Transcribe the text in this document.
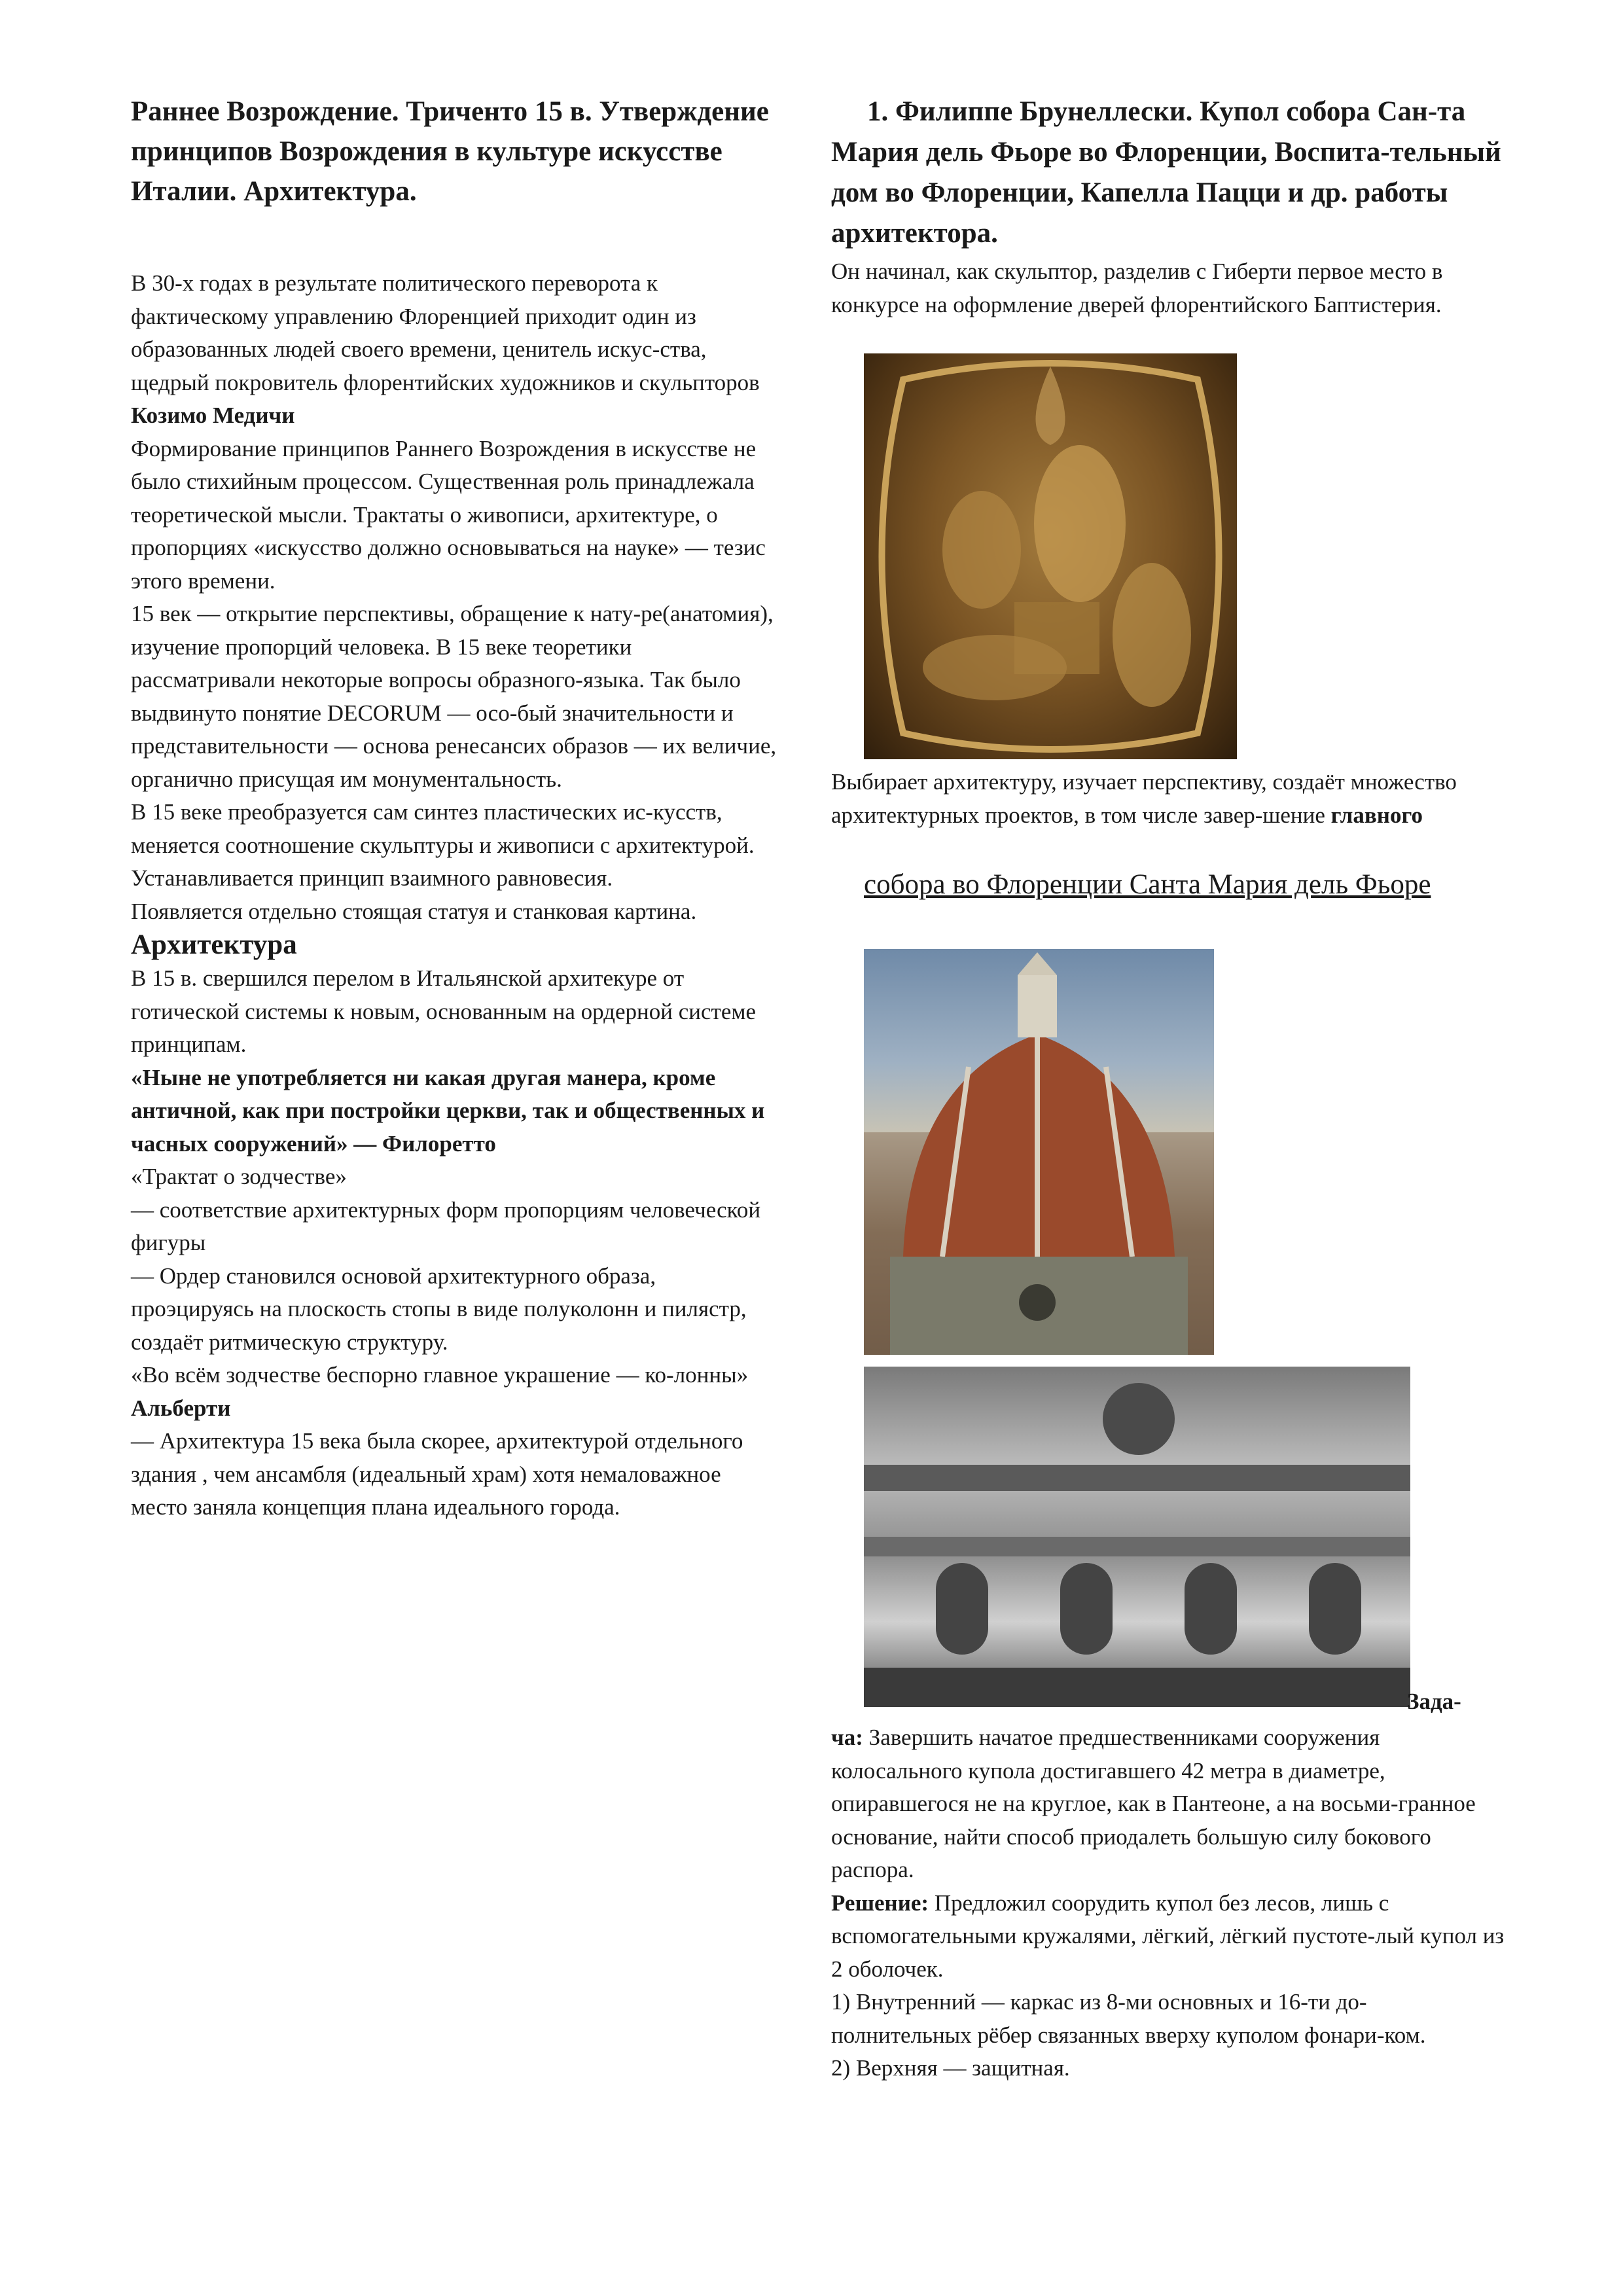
Раннее Возрождение. Триченто 15 в. Утверждение принципов Возрождения в культуре искусстве Италии. Архитектура.

В 30-х годах в результате политического переворота к фактическому управлению Флоренцией приходит один из образованных людей своего времени, ценитель искус-ства, щедрый покровитель флорентийских художников и скульпторов Козимо Медичи

Формирование принципов Раннего Возрождения в искусстве не было стихийным процессом. Существенная роль принадлежала теоретической мысли. Трактаты о живописи, архитектуре, о пропорциях «искусство должно основываться на науке» — тезис этого времени.

15 век — открытие перспективы, обращение к нату-ре(анатомия), изучение пропорций человека. В 15 веке теоретики рассматривали некоторые вопросы образного-языка. Так было выдвинуто понятие DECORUM — осо-бый значительности и представительности — основа ренесансих образов — их величие, органично присущая им монументальность.

В 15 веке преобразуется сам синтез пластических ис-кусств, меняется соотношение скульптуры и живописи с архитектурой. Устанавливается принцип взаимного равновесия.

Появляется отдельно стоящая статуя и станковая картина.

Архитектура

В 15 в. свершился перелом в Итальянской архитекуре от готической системы к новым, основанным на ордерной системе принципам.

«Ныне не употребляется ни какая другая манера, кроме античной, как при постройки церкви, так и общественных и часных сооружений» — Филоретто
«Трактат о зодчестве»

— соответствие архитектурных форм пропорциям человеческой фигуры

— Ордер становился основой архитектурного образа, проэцируясь на плоскость стопы в виде полуколонн и пилястр, создаёт ритмическую структуру.

«Во всём зодчестве беспорно главное украшение — ко-лонны» Альберти

— Архитектура 15 века была скорее, архитектурой отдельного здания , чем ансамбля (идеальный храм) хотя немаловажное место заняла концепция плана идеального города.

1. Филиппе Брунеллески. Купол собора Сан-та Мария дель Фьоре во Флоренции, Воспита-тельный дом во Флоренции, Капелла Пацци и др. работы архитектора.

Он начинал, как скульптор, разделив с Гиберти первое место в конкурсе на оформление дверей флорентийского Баптистерия.

Выбирает архитектуру, изучает перспективу, создаёт множество архитектурных проектов, в том числе завер-шение главного

ча: Завершить начатое предшественниками сооружения колосального купола достигавшего 42 метра в диаметре, опиравшегося не на круглое, как в Пантеоне, а на восьми-гранное основание, найти способ приодалеть большую силу бокового распора.

Решение: Предложил соорудить купол без лесов, лишь с вспомогательными кружалями, лёгкий, лёгкий пустоте-лый купол из 2 оболочек.

1) Внутренний — каркас из 8-ми основных и 16-ти до-полнительных рёбер связанных вверху куполом фонари-ком.

2) Верхняя — защитная.

собора во Флоренции Санта Мария дель Фьоре
Зада-
